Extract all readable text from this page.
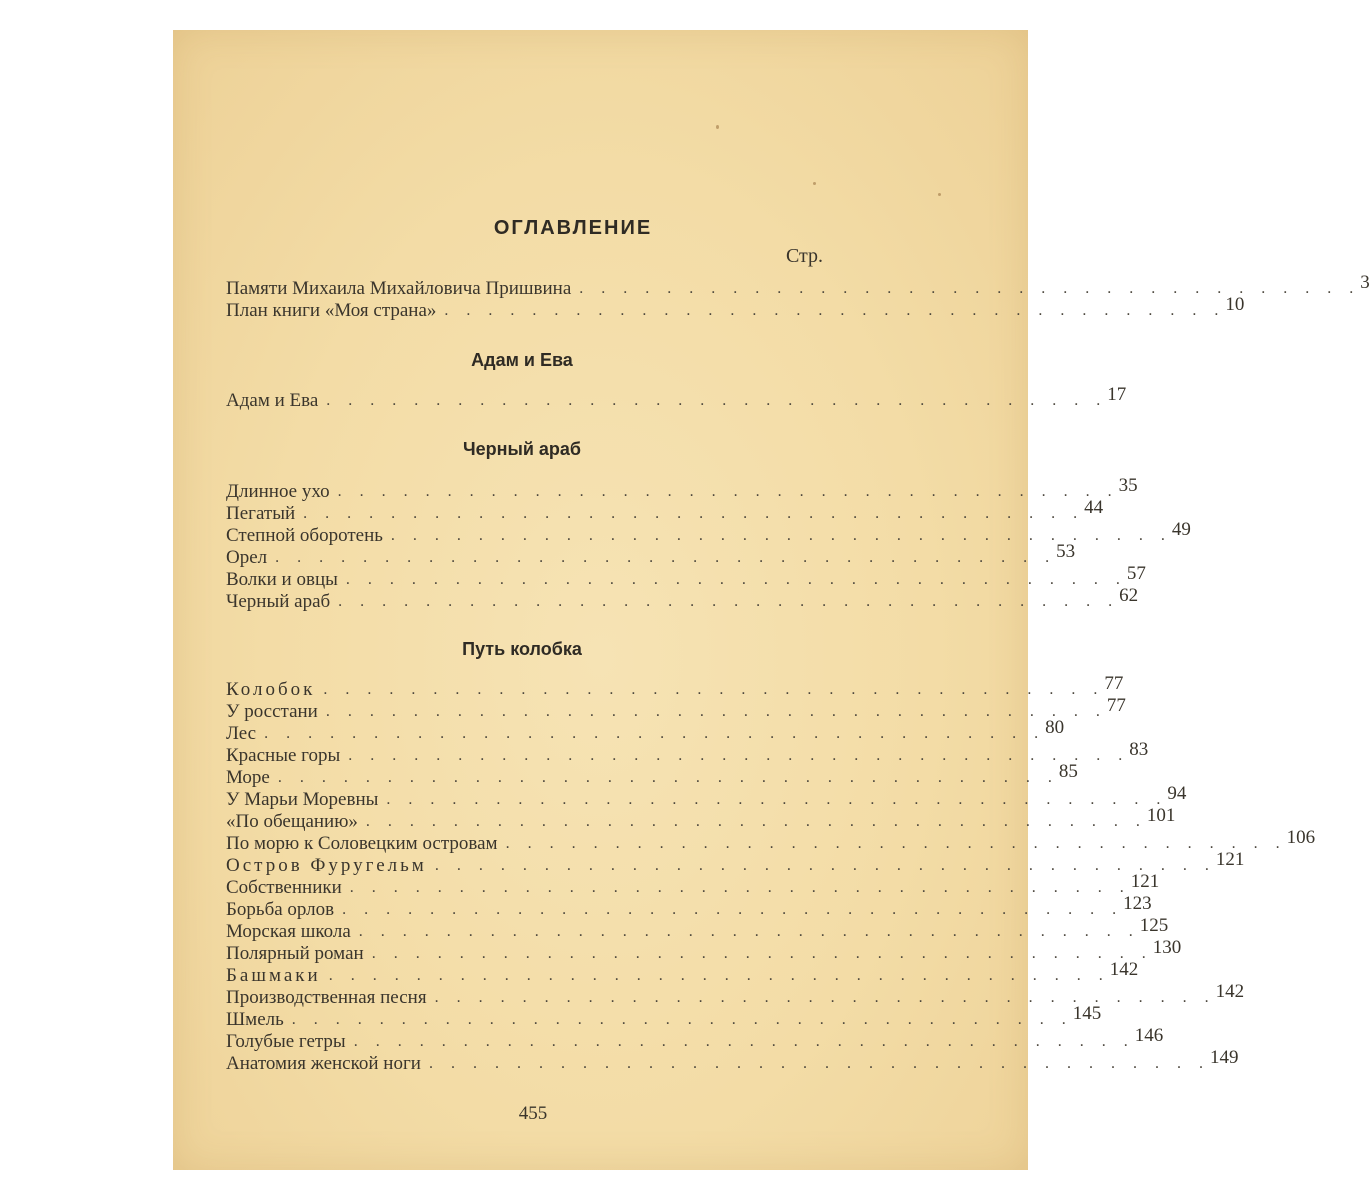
ОГЛАВЛЕНИЕ
Стр.
Памяти Михаила Михайловича Пришвина . . . . . . . . . . . . . . . . . . . . . . . . . . . . . . . . . . . . 3
План книги «Моя страна» . . . . . . . . . . . . . . . . . . . . . . . . . . . . . . . . . . . . 10
Адам и Ева
Адам и Ева . . . . . . . . . . . . . . . . . . . . . . . . . . . . . . . . . . . . 17
Черный араб
Длинное ухо . . . . . . . . . . . . . . . . . . . . . . . . . . . . . . . . . . . . 35
Пегатый . . . . . . . . . . . . . . . . . . . . . . . . . . . . . . . . . . . . 44
Степной оборотень . . . . . . . . . . . . . . . . . . . . . . . . . . . . . . . . . . . . 49
Орел . . . . . . . . . . . . . . . . . . . . . . . . . . . . . . . . . . . . 53
Волки и овцы . . . . . . . . . . . . . . . . . . . . . . . . . . . . . . . . . . . . 57
Черный араб . . . . . . . . . . . . . . . . . . . . . . . . . . . . . . . . . . . . 62
Путь колобка
Колобок . . . . . . . . . . . . . . . . . . . . . . . . . . . . . . . . . . . . 77
У росстани . . . . . . . . . . . . . . . . . . . . . . . . . . . . . . . . . . . . 77
Лес . . . . . . . . . . . . . . . . . . . . . . . . . . . . . . . . . . . . 80
Красные горы . . . . . . . . . . . . . . . . . . . . . . . . . . . . . . . . . . . . 83
Море . . . . . . . . . . . . . . . . . . . . . . . . . . . . . . . . . . . . 85
У Марьи Моревны . . . . . . . . . . . . . . . . . . . . . . . . . . . . . . . . . . . . 94
«По обещанию» . . . . . . . . . . . . . . . . . . . . . . . . . . . . . . . . . . . . 101
По морю к Соловецким островам . . . . . . . . . . . . . . . . . . . . . . . . . . . . . . . . . . . . 106
Остров Фуругельм . . . . . . . . . . . . . . . . . . . . . . . . . . . . . . . . . . . . 121
Собственники . . . . . . . . . . . . . . . . . . . . . . . . . . . . . . . . . . . . 121
Борьба орлов . . . . . . . . . . . . . . . . . . . . . . . . . . . . . . . . . . . . 123
Морская школа . . . . . . . . . . . . . . . . . . . . . . . . . . . . . . . . . . . . 125
Полярный роман . . . . . . . . . . . . . . . . . . . . . . . . . . . . . . . . . . . . 130
Башмаки . . . . . . . . . . . . . . . . . . . . . . . . . . . . . . . . . . . . 142
Производственная песня . . . . . . . . . . . . . . . . . . . . . . . . . . . . . . . . . . . . 142
Шмель . . . . . . . . . . . . . . . . . . . . . . . . . . . . . . . . . . . . 145
Голубые гетры . . . . . . . . . . . . . . . . . . . . . . . . . . . . . . . . . . . . 146
Анатомия женской ноги . . . . . . . . . . . . . . . . . . . . . . . . . . . . . . . . . . . . 149
455
